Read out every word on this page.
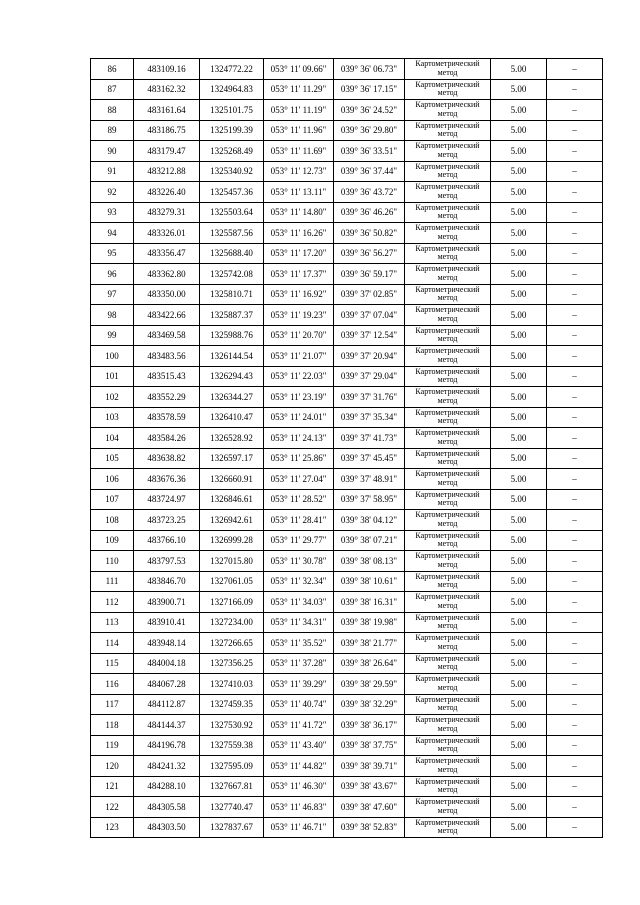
86	483109.16	1324772.22	053° 11' 09.66"	039° 36' 06.73"	Картометрический метод	5.00	–
87	483162.32	1324964.83	053° 11' 11.29"	039° 36' 17.15"	Картометрический метод	5.00	–
88	483161.64	1325101.75	053° 11' 11.19"	039° 36' 24.52"	Картометрический метод	5.00	–
89	483186.75	1325199.39	053° 11' 11.96"	039° 36' 29.80"	Картометрический метод	5.00	–
90	483179.47	1325268.49	053° 11' 11.69"	039° 36' 33.51"	Картометрический метод	5.00	–
91	483212.88	1325340.92	053° 11' 12.73"	039° 36' 37.44"	Картометрический метод	5.00	–
92	483226.40	1325457.36	053° 11' 13.11"	039° 36' 43.72"	Картометрический метод	5.00	–
93	483279.31	1325503.64	053° 11' 14.80"	039° 36' 46.26"	Картометрический метод	5.00	–
94	483326.01	1325587.56	053° 11' 16.26"	039° 36' 50.82"	Картометрический метод	5.00	–
95	483356.47	1325688.40	053° 11' 17.20"	039° 36' 56.27"	Картометрический метод	5.00	–
96	483362.80	1325742.08	053° 11' 17.37"	039° 36' 59.17"	Картометрический метод	5.00	–
97	483350.00	1325810.71	053° 11' 16.92"	039° 37' 02.85"	Картометрический метод	5.00	–
98	483422.66	1325887.37	053° 11' 19.23"	039° 37' 07.04"	Картометрический метод	5.00	–
99	483469.58	1325988.76	053° 11' 20.70"	039° 37' 12.54"	Картометрический метод	5.00	–
100	483483.56	1326144.54	053° 11' 21.07"	039° 37' 20.94"	Картометрический метод	5.00	–
101	483515.43	1326294.43	053° 11' 22.03"	039° 37' 29.04"	Картометрический метод	5.00	–
102	483552.29	1326344.27	053° 11' 23.19"	039° 37' 31.76"	Картометрический метод	5.00	–
103	483578.59	1326410.47	053° 11' 24.01"	039° 37' 35.34"	Картометрический метод	5.00	–
104	483584.26	1326528.92	053° 11' 24.13"	039° 37' 41.73"	Картометрический метод	5.00	–
105	483638.82	1326597.17	053° 11' 25.86"	039° 37' 45.45"	Картометрический метод	5.00	–
106	483676.36	1326660.91	053° 11' 27.04"	039° 37' 48.91"	Картометрический метод	5.00	–
107	483724.97	1326846.61	053° 11' 28.52"	039° 37' 58.95"	Картометрический метод	5.00	–
108	483723.25	1326942.61	053° 11' 28.41"	039° 38' 04.12"	Картометрический метод	5.00	–
109	483766.10	1326999.28	053° 11' 29.77"	039° 38' 07.21"	Картометрический метод	5.00	–
110	483797.53	1327015.80	053° 11' 30.78"	039° 38' 08.13"	Картометрический метод	5.00	–
111	483846.70	1327061.05	053° 11' 32.34"	039° 38' 10.61"	Картометрический метод	5.00	–
112	483900.71	1327166.09	053° 11' 34.03"	039° 38' 16.31"	Картометрический метод	5.00	–
113	483910.41	1327234.00	053° 11' 34.31"	039° 38' 19.98"	Картометрический метод	5.00	–
114	483948.14	1327266.65	053° 11' 35.52"	039° 38' 21.77"	Картометрический метод	5.00	–
115	484004.18	1327356.25	053° 11' 37.28"	039° 38' 26.64"	Картометрический метод	5.00	–
116	484067.28	1327410.03	053° 11' 39.29"	039° 38' 29.59"	Картометрический метод	5.00	–
117	484112.87	1327459.35	053° 11' 40.74"	039° 38' 32.29"	Картометрический метод	5.00	–
118	484144.37	1327530.92	053° 11' 41.72"	039° 38' 36.17"	Картометрический метод	5.00	–
119	484196.78	1327559.38	053° 11' 43.40"	039° 38' 37.75"	Картометрический метод	5.00	–
120	484241.32	1327595.09	053° 11' 44.82"	039° 38' 39.71"	Картометрический метод	5.00	–
121	484288.10	1327667.81	053° 11' 46.30"	039° 38' 43.67"	Картометрический метод	5.00	–
122	484305.58	1327740.47	053° 11' 46.83"	039° 38' 47.60"	Картометрический метод	5.00	–
123	484303.50	1327837.67	053° 11' 46.71"	039° 38' 52.83"	Картометрический метод	5.00	–
